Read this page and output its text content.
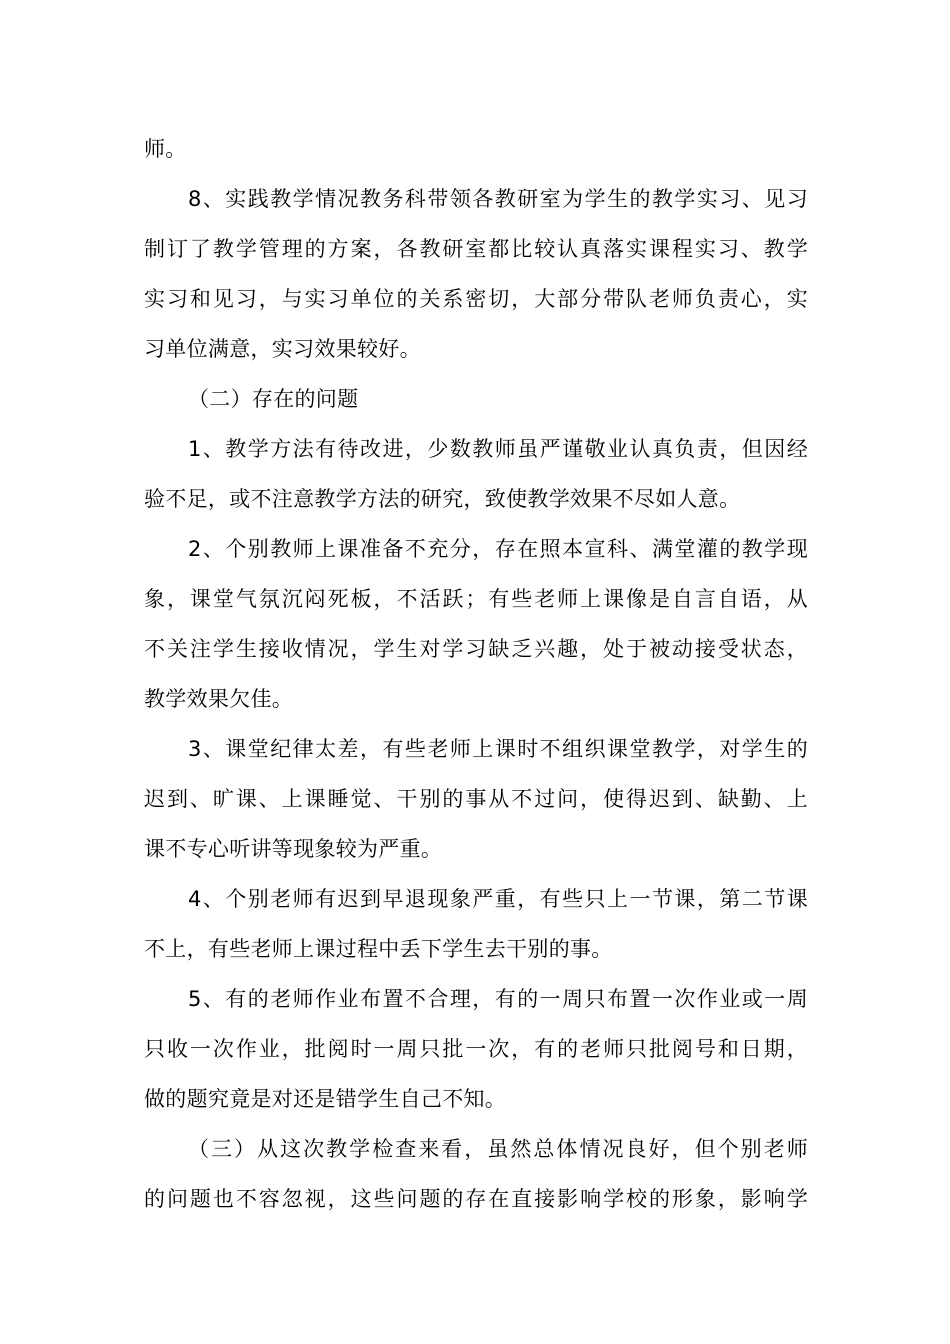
师。
8、实践教学情况教务科带领各教研室为学生的教学实习、见习
制订了教学管理的方案，各教研室都比较认真落实课程实习、教学
实习和见习，与实习单位的关系密切，大部分带队老师负责心，实
习单位满意，实习效果较好。
（二）存在的问题
1、教学方法有待改进，少数教师虽严谨敬业认真负责，但因经
验不足，或不注意教学方法的研究，致使教学效果不尽如人意。
2、个别教师上课准备不充分，存在照本宣科、满堂灌的教学现
象，课堂气氛沉闷死板，不活跃；有些老师上课像是自言自语，从
不关注学生接收情况，学生对学习缺乏兴趣，处于被动接受状态，
教学效果欠佳。
3、课堂纪律太差，有些老师上课时不组织课堂教学，对学生的
迟到、旷课、上课睡觉、干别的事从不过问，使得迟到、缺勤、上
课不专心听讲等现象较为严重。
4、个别老师有迟到早退现象严重，有些只上一节课，第二节课
不上，有些老师上课过程中丢下学生去干别的事。
5、有的老师作业布置不合理，有的一周只布置一次作业或一周
只收一次作业，批阅时一周只批一次，有的老师只批阅号和日期，
做的题究竟是对还是错学生自己不知。
（三）从这次教学检查来看，虽然总体情况良好，但个别老师
的问题也不容忽视，这些问题的存在直接影响学校的形象，影响学
